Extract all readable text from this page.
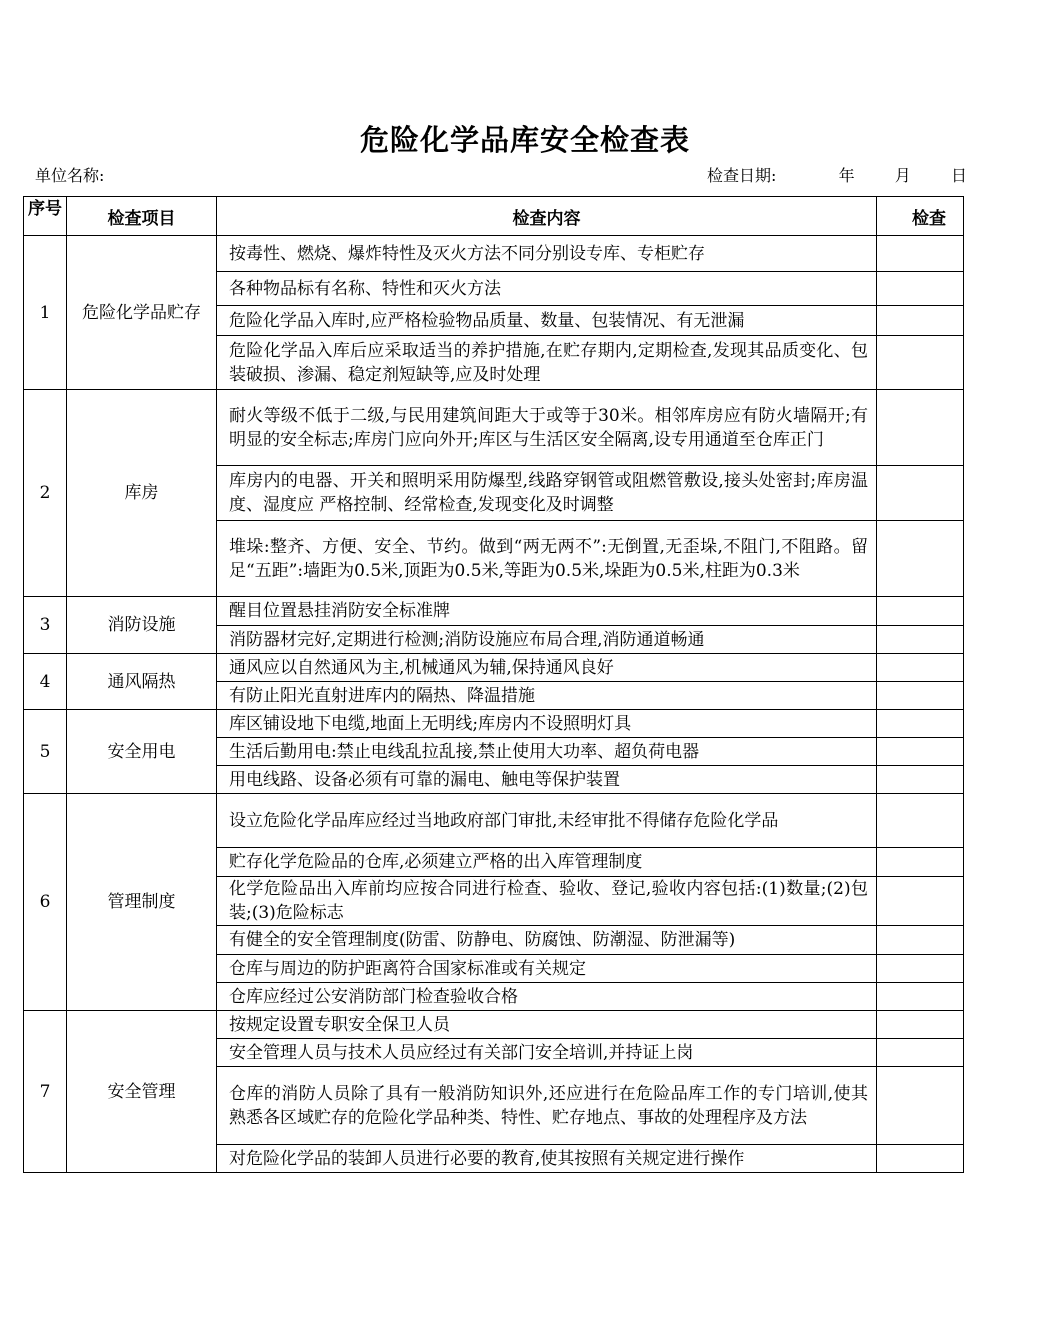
危险化学品库安全检查表
单位名称:	检查日期:	年	月	日
序号	检查项目	检查内容	检查
1	危险化学品贮存	按毒性、燃烧、爆炸特性及灭火方法不同分别设专库、专柜贮存	
		各种物品标有名称、特性和灭火方法	
		危险化学品入库时,应严格检验物品质量、数量、包装情况、有无泄漏	
		危险化学品入库后应采取适当的养护措施,在贮存期内,定期检查,发现其品质变化、包装破损、渗漏、稳定剂短缺等,应及时处理	
2	库房	耐火等级不低于二级,与民用建筑间距大于或等于30米。相邻库房应有防火墙隔开;有明显的安全标志;库房门应向外开;库区与生活区安全隔离,设专用通道至仓库正门	
		库房内的电器、开关和照明采用防爆型,线路穿钢管或阻燃管敷设,接头处密封;库房温度、湿度应 严格控制、经常检查,发现变化及时调整	
		堆垛:整齐、方便、安全、节约。做到“两无两不”:无倒置,无歪垛,不阻门,不阻路。留足“五距”:墙距为0.5米,顶距为0.5米,等距为0.5米,垛距为0.5米,柱距为0.3米	
3	消防设施	醒目位置悬挂消防安全标准牌	
		消防器材完好,定期进行检测;消防设施应布局合理,消防通道畅通	
4	通风隔热	通风应以自然通风为主,机械通风为辅,保持通风良好	
		有防止阳光直射进库内的隔热、降温措施	
5	安全用电	库区铺设地下电缆,地面上无明线;库房内不设照明灯具	
		生活后勤用电:禁止电线乱拉乱接,禁止使用大功率、超负荷电器	
		用电线路、设备必须有可靠的漏电、触电等保护装置	
6	管理制度	设立危险化学品库应经过当地政府部门审批,未经审批不得储存危险化学品	
		贮存化学危险品的仓库,必须建立严格的出入库管理制度	
		化学危险品出入库前均应按合同进行检查、验收、登记,验收内容包括:(1)数量;(2)包装;(3)危险标志	
		有健全的安全管理制度(防雷、防静电、防腐蚀、防潮湿、防泄漏等)	
		仓库与周边的防护距离符合国家标准或有关规定	
		仓库应经过公安消防部门检查验收合格	
7	安全管理	按规定设置专职安全保卫人员	
		安全管理人员与技术人员应经过有关部门安全培训,并持证上岗	
		仓库的消防人员除了具有一般消防知识外,还应进行在危险品库工作的专门培训,使其熟悉各区域贮存的危险化学品种类、特性、贮存地点、事故的处理程序及方法	
		对危险化学品的装卸人员进行必要的教育,使其按照有关规定进行操作	
